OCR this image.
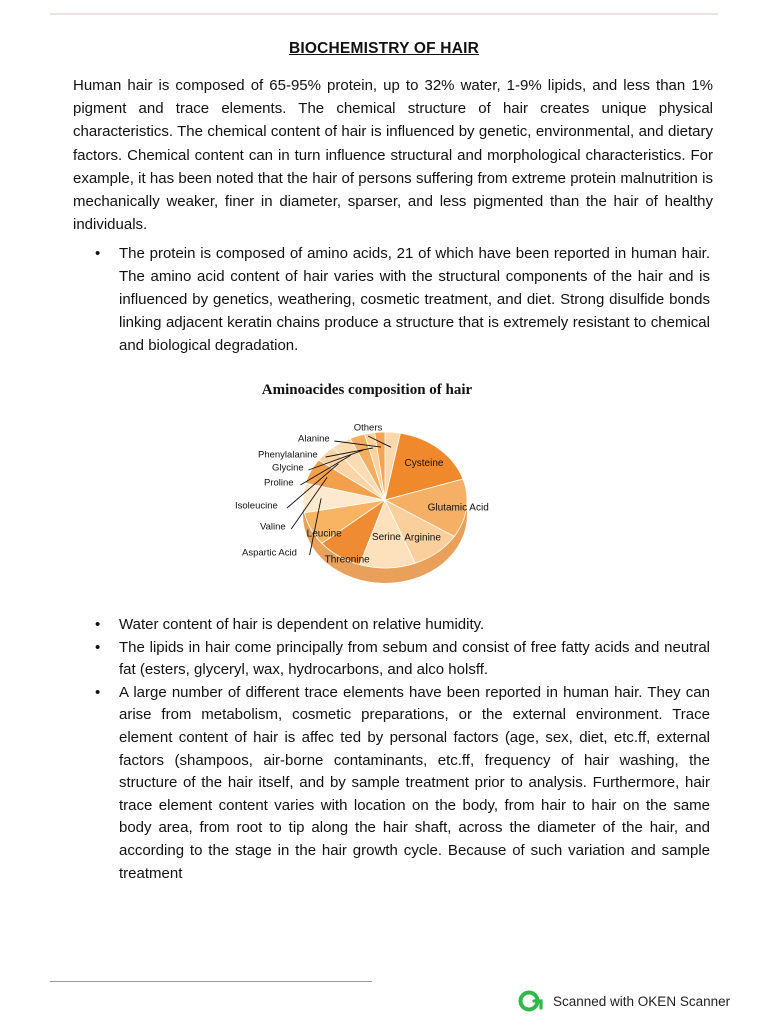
BIOCHEMISTRY OF HAIR

Human hair is composed of 65-95% protein, up to 32% water, 1-9% lipids, and less than 1% pigment and trace elements. The chemical structure of hair creates unique physical characteristics. The chemical content of hair is influenced by genetic, environmental, and dietary factors. Chemical content can in turn influence structural and morphological characteristics. For example, it has been noted that the hair of persons suffering from extreme protein malnutrition is mechanically weaker, finer in diameter, sparser, and less pigmented than the hair of healthy individuals.

• The protein is composed of amino acids, 21 of which have been reported in human hair. The amino acid content of hair varies with the structural components of the hair and is influenced by genetics, weathering, cosmetic treatment, and diet. Strong disulfide bonds linking adjacent keratin chains produce a structure that is extremely resistant to chemical and biological degradation.
Aminoacides composition of hair
Others
Cysteine
Glutamic Acid
Arginine
Serine
Threonine
Leucine
Aspartic Acid
Valine
Isoleucine
Proline
Glycine
Phenylalanine
Alanine
• Water content of hair is dependent on relative humidity.
• The lipids in hair come principally from sebum and consist of free fatty acids and neutral fat (esters, glyceryl, wax, hydrocarbons, and alco holsff.
• A large number of different trace elements have been reported in human hair. They can arise from metabolism, cosmetic preparations, or the external environment. Trace element content of hair is affec ted by personal factors (age, sex, diet, etc.ff, external factors (shampoos, air-borne contaminants, etc.ff, frequency of hair washing, the structure of the hair itself, and by sample treatment prior to analysis. Furthermore, hair trace element content varies with location on the body, from hair to hair on the same body area, from root to tip along the hair shaft, across the diameter of the hair, and according to the stage in the hair growth cycle. Because of such variation and sample treatment
Scanned with OKEN Scanner
